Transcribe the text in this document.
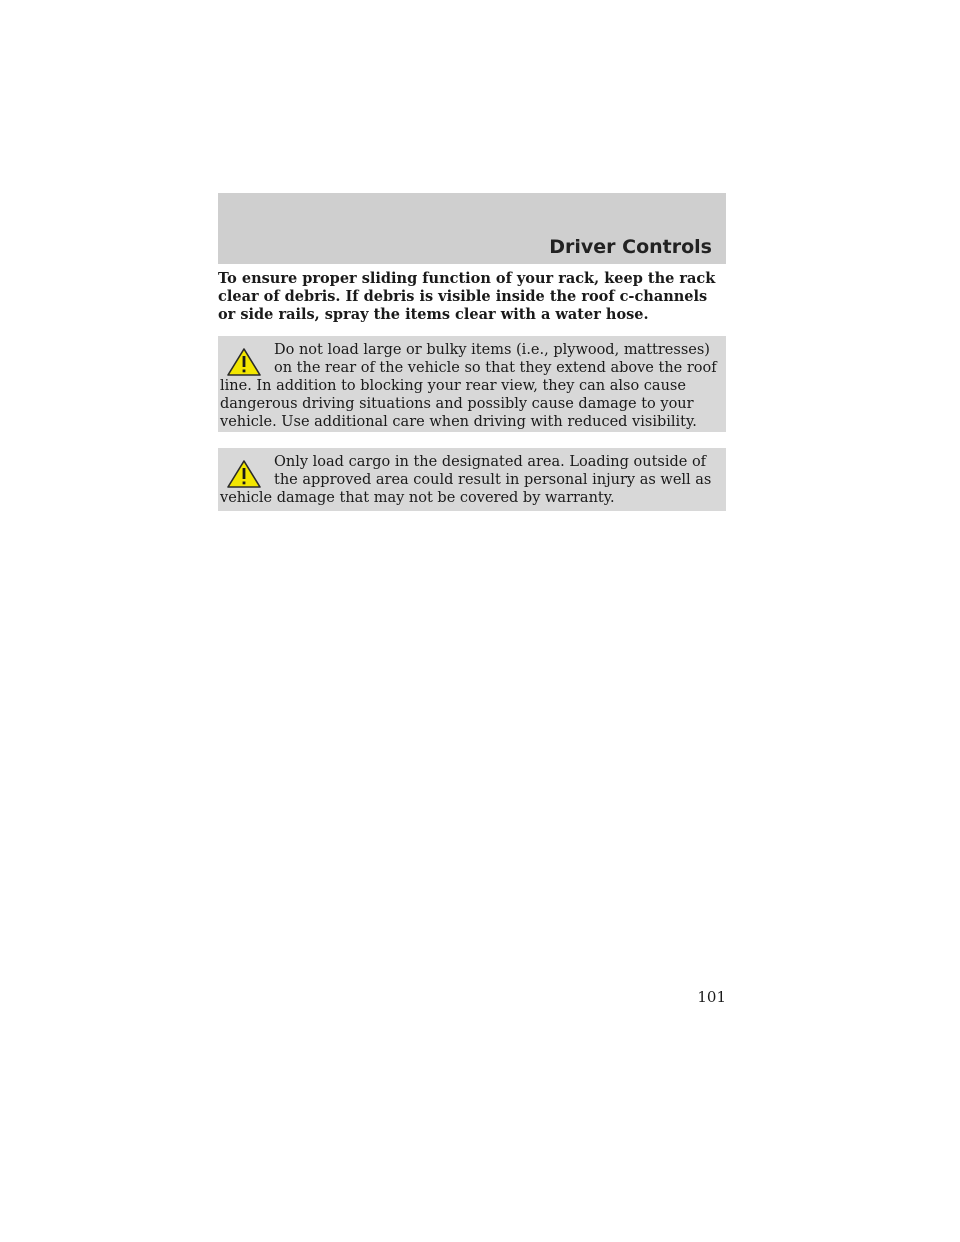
Driver Controls

To ensure proper sliding function of your rack, keep the rack clear of debris. If debris is visible inside the roof c-channels or side rails, spray the items clear with a water hose.

Do not load large or bulky items (i.e., plywood, mattresses) on the rear of the vehicle so that they extend above the roof line. In addition to blocking your rear view, they can also cause dangerous driving situations and possibly cause damage to your vehicle. Use additional care when driving with reduced visibility.

Only load cargo in the designated area. Loading outside of the approved area could result in personal injury as well as vehicle damage that may not be covered by warranty.

101
